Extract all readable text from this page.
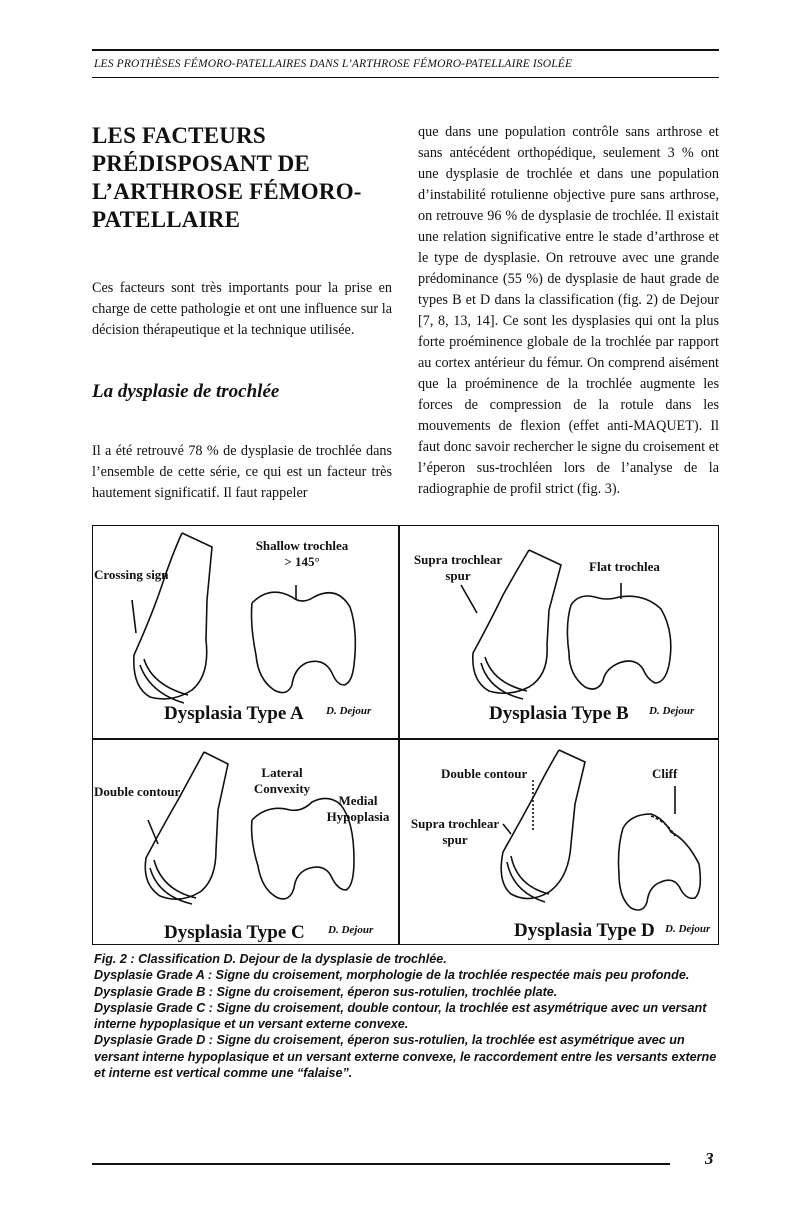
LES PROTHÈSES FÉMORO-PATELLAIRES DANS L’ARTHROSE FÉMORO-PATELLAIRE ISOLÉE
LES FACTEURS
PRÉDISPOSANT DE
L’ARTHROSE FÉMORO-
PATELLAIRE

Ces facteurs sont très importants pour la prise en charge de cette pathologie et ont une influence sur la décision thérapeutique et la technique utilisée.

La dysplasie de trochlée

Il a été retrouvé 78 % de dysplasie de trochlée dans l’ensemble de cette série, ce qui est un facteur très hautement significatif. Il faut rappeler

que dans une population contrôle sans arthrose et sans antécédent orthopédique, seulement 3 % ont une dysplasie de trochlée et dans une population d’instabilité rotulienne objective pure sans arthrose, on retrouve 96 % de dysplasie de trochlée. Il existait une relation significative entre le stade d’arthrose et le type de dysplasie. On retrouve avec une grande prédominance (55 %) de dysplasie de haut grade de types B et D dans la classification (fig. 2) de Dejour [7, 8, 13, 14]. Ce sont les dysplasies qui ont la plus forte proéminence globale de la trochlée par rapport au cortex antérieur du fémur. On comprend aisément que la proéminence de la trochlée augmente les forces de compression de la rotule dans les mouvements de flexion (effet anti-MAQUET). Il faut donc savoir rechercher le signe du croisement et l’éperon sus-trochléen lors de l’analyse de la radiographie de profil strict (fig. 3).

Crossing sign
Shallow trochlea
> 145°
Dysplasia Type A D. Dejour
Supra trochlear
spur
Flat trochlea
Dysplasia Type B D. Dejour
Double contour
Lateral
Convexity
Medial
Hypoplasia
Dysplasia Type C D. Dejour
Double contour	Cliff
Supra trochlear
spur
Dysplasia Type D D. Dejour
Fig. 2 : Classification D. Dejour de la dysplasie de trochlée.
Dysplasie Grade A : Signe du croisement, morphologie de la trochlée respectée mais peu profonde.
Dysplasie Grade B : Signe du croisement, éperon sus-rotulien, trochlée plate.
Dysplasie Grade C : Signe du croisement, double contour, la trochlée est asymétrique avec un versant interne hypoplasique et un versant externe convexe.
Dysplasie Grade D : Signe du croisement, éperon sus-rotulien, la trochlée est asymétrique avec un versant interne hypoplasique et un versant externe convexe, le raccordement entre les versants externe et interne est vertical comme une “falaise”.
3
